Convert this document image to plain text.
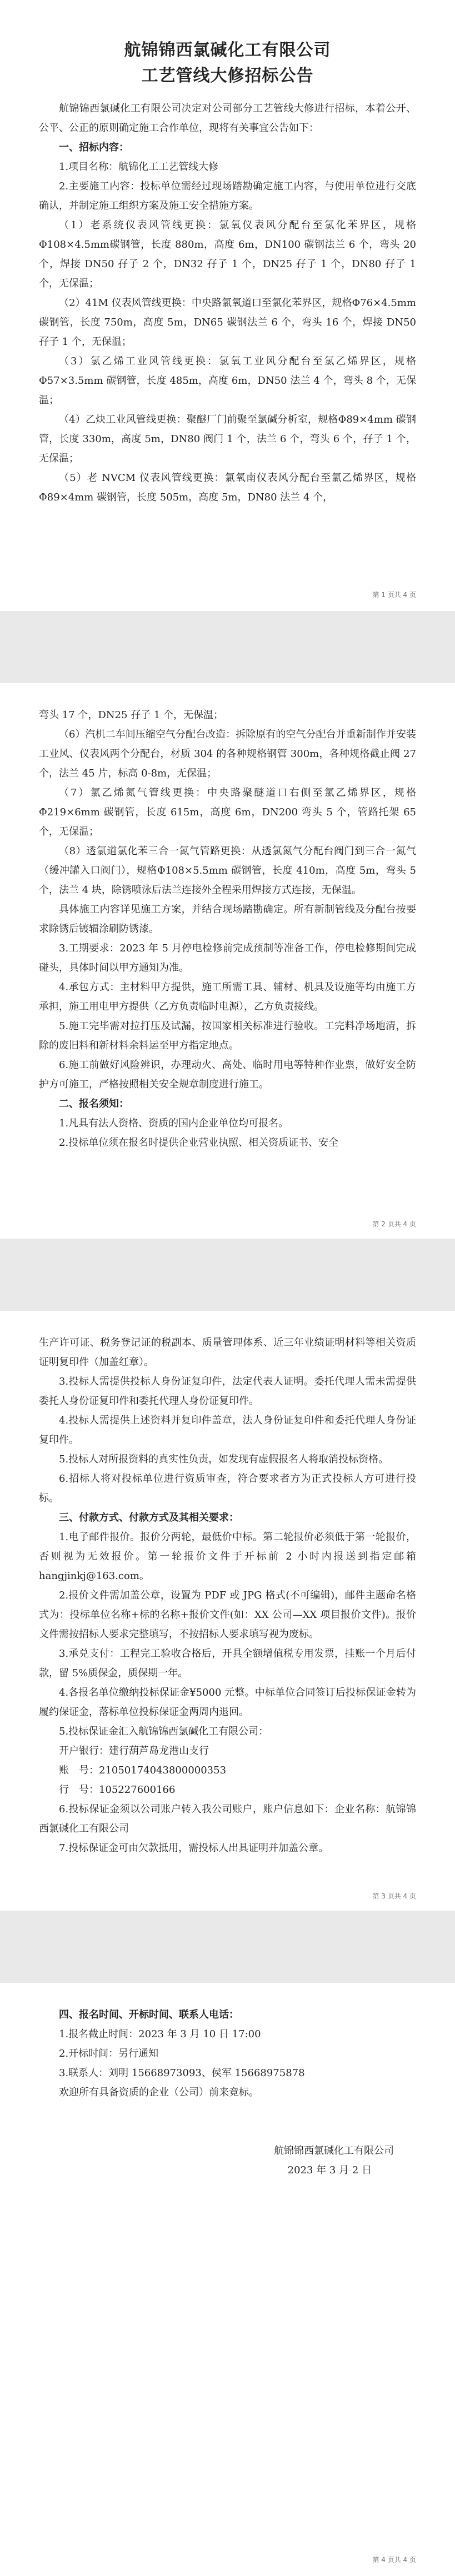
航锦锦西氯碱化工有限公司
工艺管线大修招标公告

航锦锦西氯碱化工有限公司决定对公司部分工艺管线大修进行招标，本着公开、公平、公正的原则确定施工合作单位，现将有关事宜公告如下：

一、招标内容：

1.项目名称：航锦化工工艺管线大修

2.主要施工内容：投标单位需经过现场踏勘确定施工内容，与使用单位进行交底确认，并制定施工组织方案及施工安全措施方案。

（1）老系统仪表风管线更换：氯氧仪表风分配台至氯化苯界区，规格Φ108×4.5mm碳钢管，长度 880m，高度 6m，DN100 碳钢法兰 6 个，弯头 20 个，焊接 DN50 孖子 2 个，DN32 孖子 1 个，DN25 孖子 1 个，DN80 孖子 1 个，无保温；

（2）41M 仪表风管线更换：中央路氯氧道口至氯化苯界区，规格Φ76×4.5mm 碳钢管，长度 750m，高度 5m，DN65 碳钢法兰 6 个，弯头 16 个，焊接 DN50 孖子 1 个，无保温；

（3）氯乙烯工业风管线更换：氯氧工业风分配台至氯乙烯界区，规格Φ57×3.5mm 碳钢管，长度 485m，高度 6m，DN50 法兰 4 个，弯头 8 个，无保温；

（4）乙炔工业风管线更换：聚醚厂门前聚至氯碱分析室，规格Φ89×4mm 碳钢管，长度 330m，高度 5m，DN80 阀门 1 个，法兰 6 个，弯头 6 个，孖子 1 个，无保温；

（5）老 NVCM 仪表风管线更换：氯氧南仪表风分配台至氯乙烯界区，规格Φ89×4mm 碳钢管，长度 505m，高度 5m，DN80 法兰 4 个，

第 1 页共 4 页

弯头 17 个，DN25 孖子 1 个，无保温；

（6）汽机二车间压缩空气分配台改造：拆除原有的空气分配台并重新制作并安装工业风、仪表风两个分配台，材质 304 的各种规格钢管 300m，各种规格截止阀 27 个，法兰 45 片，标高 0-8m，无保温；

（7）氯乙烯氮气管线更换：中央路聚醚道口右侧至氯乙烯界区，规格Φ219×6mm 碳钢管，长度 615m，高度 6m，DN200 弯头 5 个，管路托架 65 个，无保温；

（8）透氯道氯化苯三合一氮气管路更换：从透氯氮气分配台阀门到三合一氮气（缓冲罐入口阀门），规格Φ108×5.5mm 碳钢管，长度 410m，高度 5m，弯头 5 个，法兰 4 块，除锈喷泳后法兰连接外全程采用焊接方式连接，无保温。

具体施工内容详见施工方案，并结合现场踏勘确定。所有新制管线及分配台按要求除锈后镀辐涂刷防锈漆。

3.工期要求：2023 年 5 月停电检修前完成预制等准备工作，停电检修期间完成碰头，具体时间以甲方通知为准。

4.承包方式：主材料甲方提供，施工所需工具、辅材、机具及设施等均由施工方承担，施工用电甲方提供（乙方负责临时电源），乙方负责接线。

5.施工完毕需对拉打压及试漏，按国家相关标准进行验收。工完料净场地清，拆除的废旧料和新材料余料运至甲方指定地点。

6.施工前做好风险辨识，办理动火、高处、临时用电等特种作业票，做好安全防护方可施工，严格按照相关安全规章制度进行施工。

二、报名须知：

1.凡具有法人资格、资质的国内企业单位均可报名。

2.投标单位须在报名时提供企业营业执照、相关资质证书、安全

第 2 页共 4 页

生产许可证、税务登记证的税副本、质量管理体系、近三年业绩证明材料等相关资质证明复印件（加盖红章）。

3.投标人需提供投标人身份证复印件，法定代表人证明。委托代理人需未需提供委托人身份证复印件和委托代理人身份证复印件。

4.投标人需提供上述资料并复印件盖章，法人身份证复印件和委托代理人身份证复印件。

5.投标人对所报资料的真实性负责，如发现有虚假报名人将取消投标资格。

6.招标人将对投标单位进行资质审查，符合要求者方为正式投标人方可进行投标。

三、付款方式、付款方式及其相关要求：

1.电子邮件报价。报价分两轮，最低价中标。第二轮报价必须低于第一轮报价，否则视为无效报价。第一轮报价文件于开标前 2 小时内报送到指定邮箱 hangjinkj@163.com。

2.报价文件需加盖公章，设置为 PDF 或 JPG 格式(不可编辑)，邮件主题命名格式为：投标单位名称+标的名称+报价文件(如：XX 公司—XX 项目报价文件)。报价文件需按招标人要求完整填写，不按招标人要求填写视为废标。

3.承兑支付：工程完工验收合格后，开具全额增值税专用发票，挂账一个月后付款，留 5%质保金，质保期一年。

4.各报名单位缴纳投标保证金¥5000 元整。中标单位合同签订后投标保证金转为履约保证金，落标单位投标保证金两周内退回。

5.投标保证金汇入航锦锦西氯碱化工有限公司：

开户银行：建行葫芦岛龙港山支行

账　号：21050174043800000353

行　号：105227600166

6.投标保证金须以公司账户转入我公司账户，账户信息如下：企业名称：航锦锦西氯碱化工有限公司

7.投标保证金可由欠款抵用，需投标人出具证明并加盖公章。

第 3 页共 4 页

四、报名时间、开标时间、联系人电话：

1.报名截止时间：2023 年 3 月 10 日 17:00

2.开标时间：另行通知

3.联系人：刘明 15668973093、侯军 15668975878

欢迎所有具备资质的企业（公司）前来竞标。

航锦锦西氯碱化工有限公司

2023 年 3 月 2 日

第 4 页共 4 页
